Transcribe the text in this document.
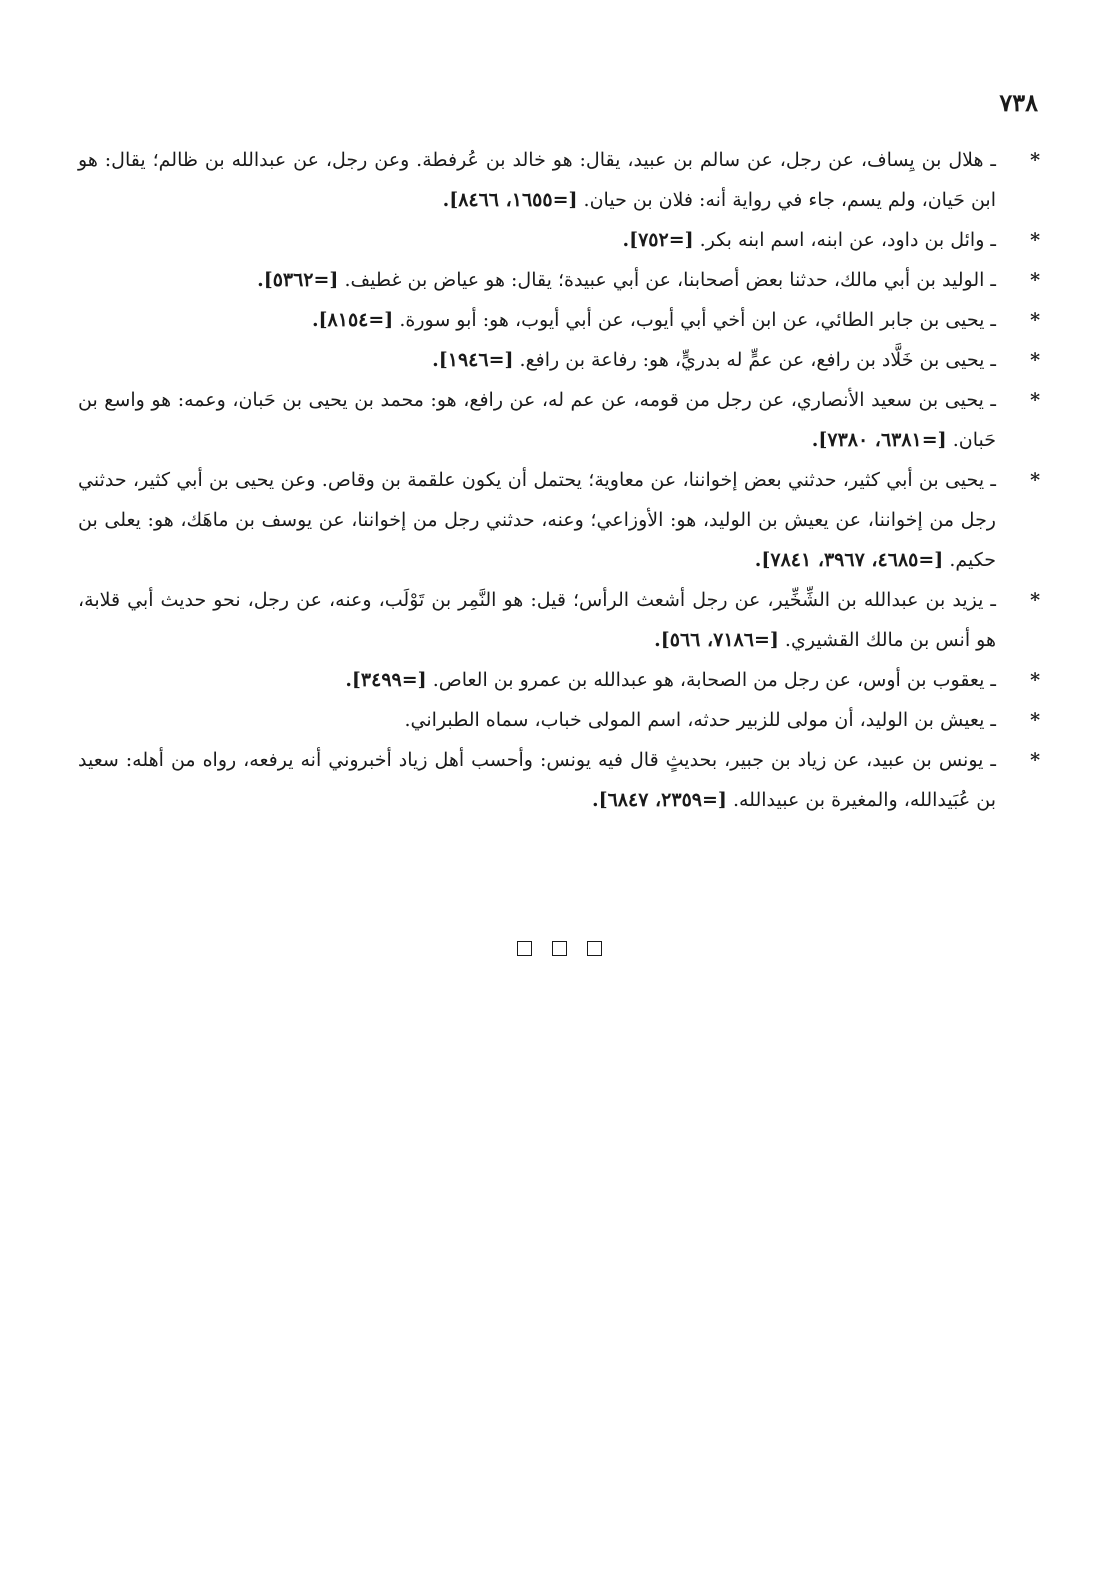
٧٣٨
*
ـ هلال بن يِساف، عن رجل، عن سالم بن عبيد، يقال: هو خالد بن عُرفطة. وعن رجل، عن عبدالله بن ظالم؛ يقال: هو ابن حَيان، ولم يسم، جاء في رواية أنه: فلان بن حيان. [=١٦٥٥، ٨٤٦٦].
*
ـ وائل بن داود، عن ابنه، اسم ابنه بكر. [=٧٥٢].
*
ـ الوليد بن أبي مالك، حدثنا بعض أصحابنا، عن أبي عبيدة؛ يقال: هو عياض بن غطيف. [=٥٣٦٢].
*
ـ يحيى بن جابر الطائي، عن ابن أخي أبي أيوب، عن أبي أيوب، هو: أبو سورة. [=٨١٥٤].
*
ـ يحيى بن خَلَّاد بن رافع، عن عمٍّ له بدريٍّ، هو: رفاعة بن رافع. [=١٩٤٦].
*
ـ يحيى بن سعيد الأنصاري، عن رجل من قومه، عن عم له، عن رافع، هو: محمد بن يحيى بن حَبان، وعمه: هو واسع بن حَبان. [=٦٣٨١، ٧٣٨٠].
*
ـ يحيى بن أبي كثير، حدثني بعض إخواننا، عن معاوية؛ يحتمل أن يكون علقمة بن وقاص. وعن يحيى بن أبي كثير، حدثني رجل من إخواننا، عن يعيش بن الوليد، هو: الأوزاعي؛ وعنه، حدثني رجل من إخواننا، عن يوسف بن ماهَك، هو: يعلى بن حكيم. [=٤٦٨٥، ٣٩٦٧، ٧٨٤١].
*
ـ يزيد بن عبدالله بن الشِّخِّير، عن رجل أشعث الرأس؛ قيل: هو النَّمِر بن تَوْلَب، وعنه، عن رجل، نحو حديث أبي قلابة، هو أنس بن مالك القشيري. [=٧١٨٦، ٥٦٦].
*
ـ يعقوب بن أوس، عن رجل من الصحابة، هو عبدالله بن عمرو بن العاص. [=٣٤٩٩].
*
ـ يعيش بن الوليد، أن مولى للزبير حدثه، اسم المولى خباب، سماه الطبراني.
*
ـ يونس بن عبيد، عن زياد بن جبير، بحديثٍ قال فيه يونس: وأحسب أهل زياد أخبروني أنه يرفعه، رواه من أهله: سعيد بن عُبَيدالله، والمغيرة بن عبيدالله. [=٢٣٥٩، ٦٨٤٧].
